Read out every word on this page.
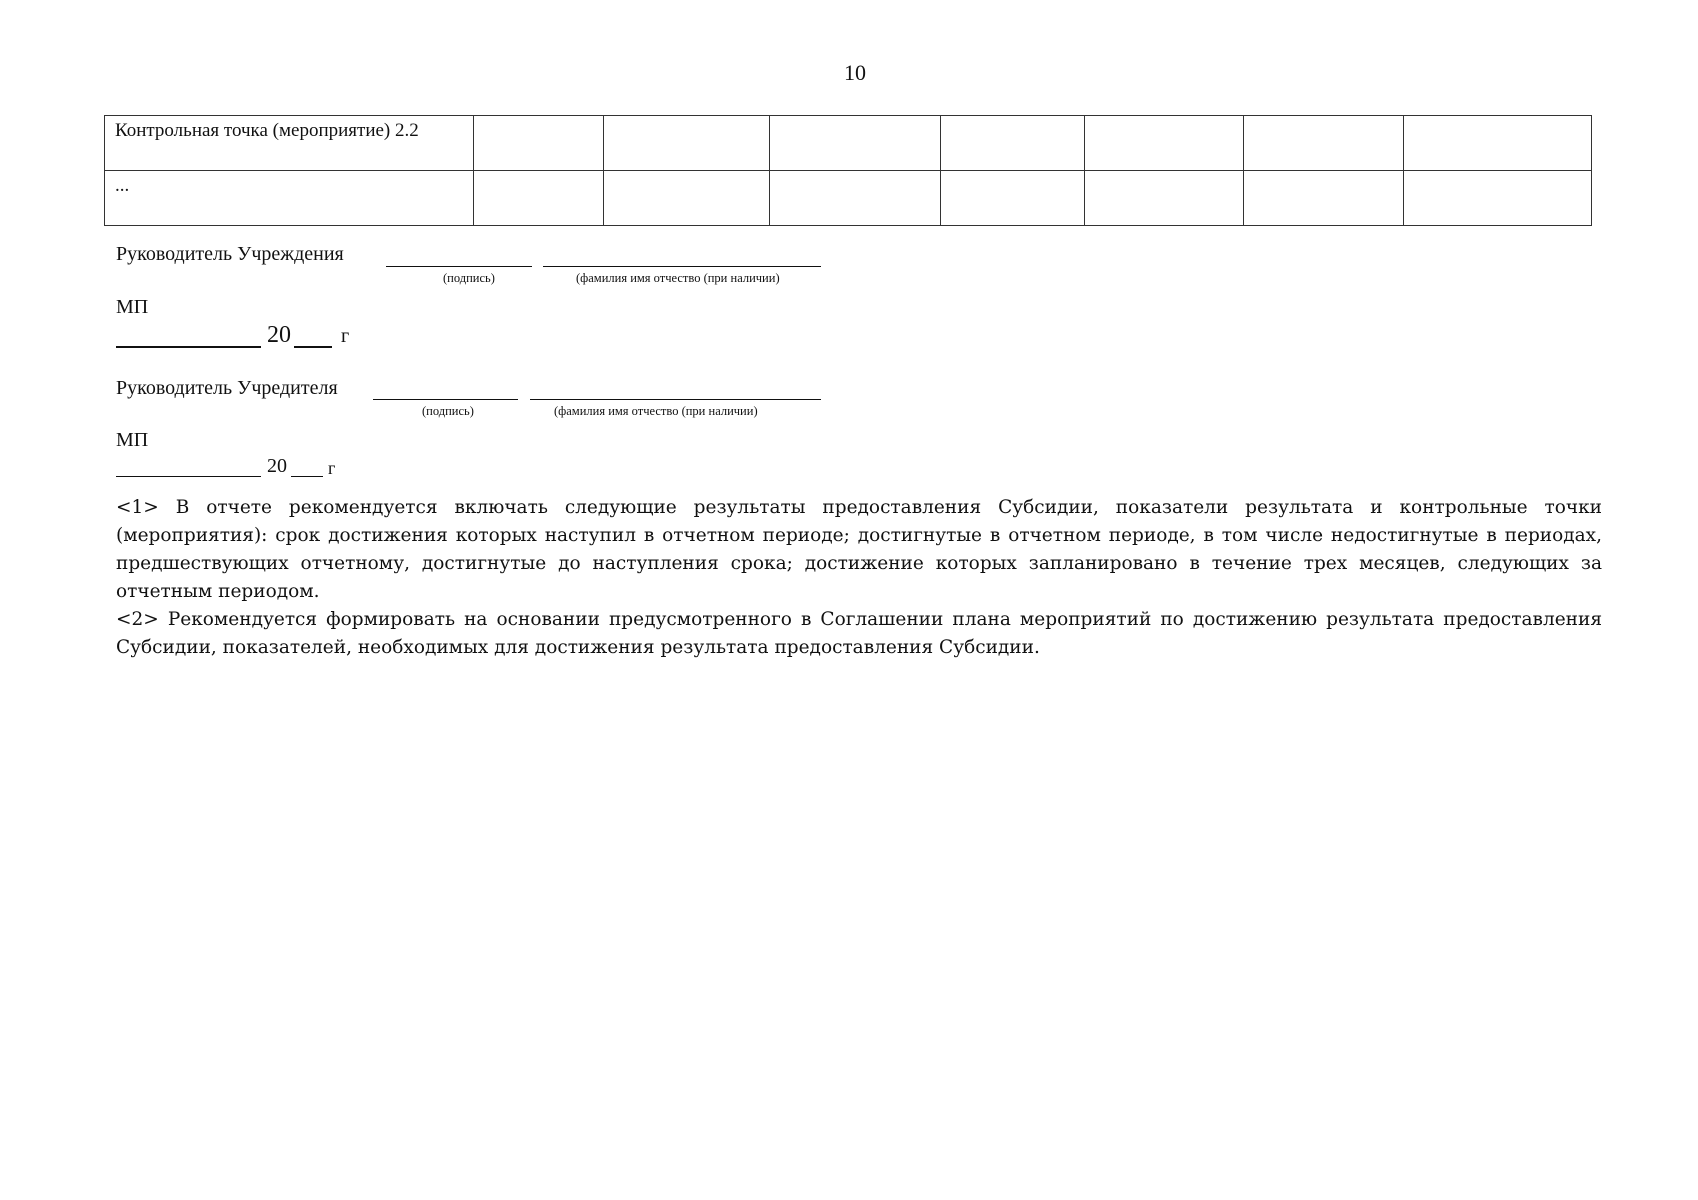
10
Контрольная точка (мероприятие) 2.2							
...							
Руководитель Учреждения
(подпись)	(фамилия имя отчество (при наличии)
МП
20	г
Руководитель Учредителя
(подпись)	(фамилия имя отчество (при наличии)
МП
20 г

<1> В отчете рекомендуется включать следующие результаты предоставления Субсидии, показатели результата и контрольные точки (мероприятия): срок достижения которых наступил в отчетном периоде; достигнутые в отчетном периоде, в том числе недостигнутые в периодах, предшествующих отчетному, достигнутые до наступления срока; достижение которых запланировано в течение трех месяцев, следующих за отчетным периодом.

<2> Рекомендуется формировать на основании предусмотренного в Соглашении плана мероприятий по достижению результата предоставления Субсидии, показателей, необходимых для достижения результата предоставления Субсидии.
